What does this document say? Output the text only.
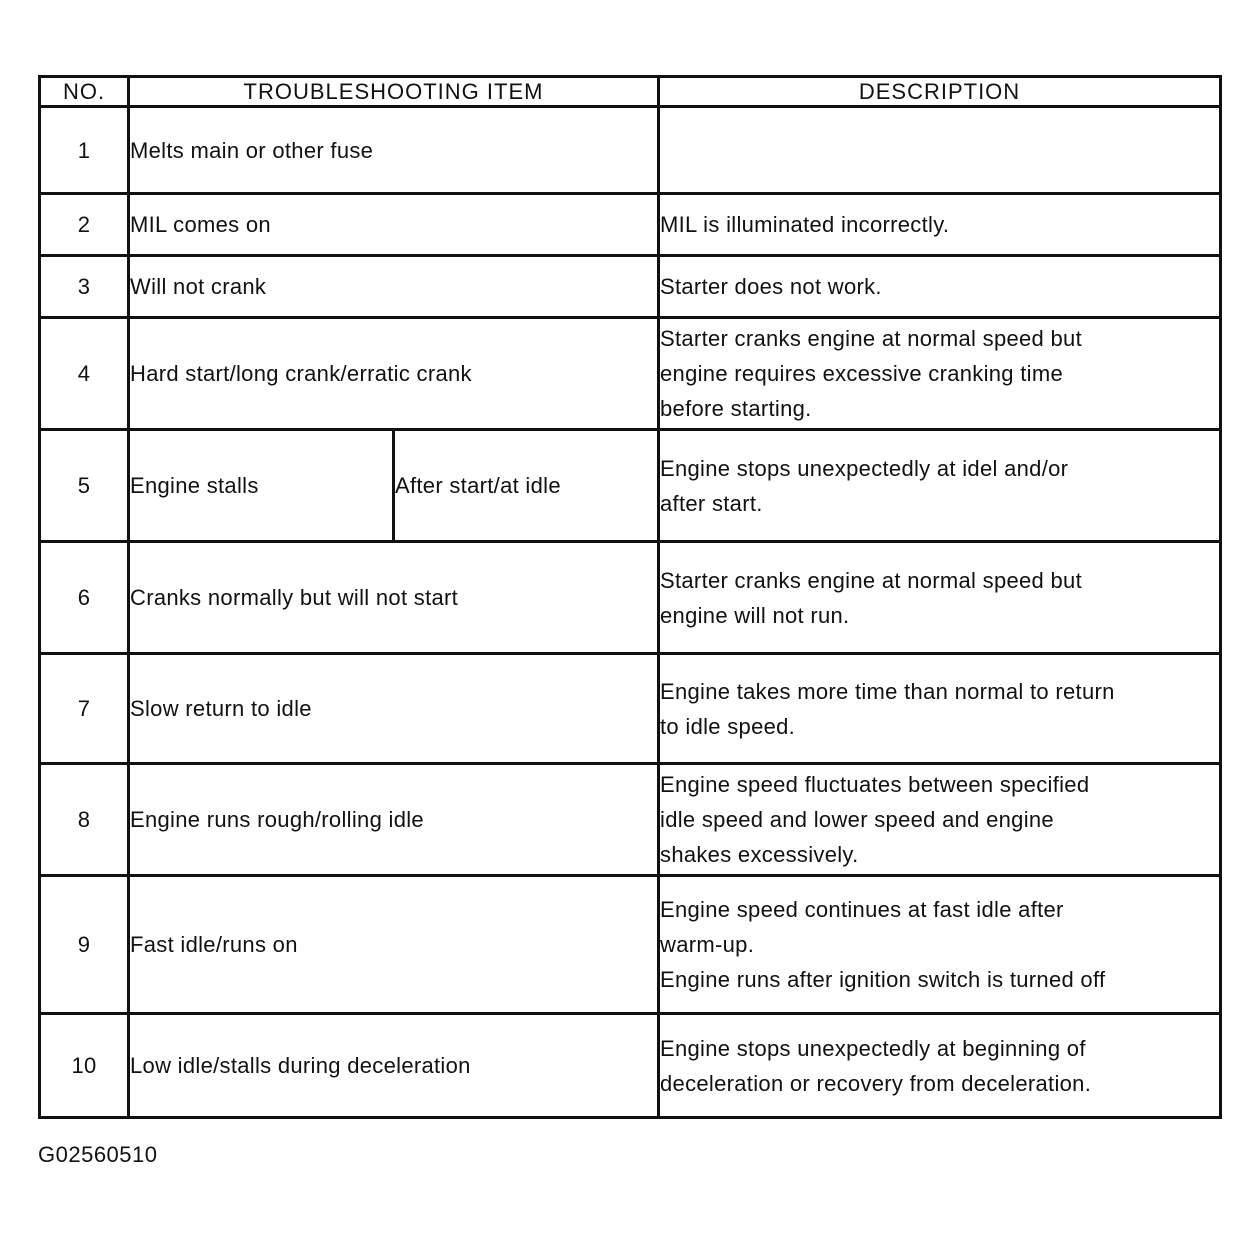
NO.	TROUBLESHOOTING ITEM		DESCRIPTION
1	Melts main or other fuse		
2	MIL comes on		MIL is illuminated incorrectly.

3	Will not crank		Starter does not work.

4	Hard start/long crank/erratic crank		Starter cranks engine at normal speed but
engine requires excessive cranking time
before starting.

5	Engine stalls	After start/at idle	Engine stops unexpectedly at idel and/or
after start.

6	Cranks normally but will not start		Starter cranks engine at normal speed but
engine will not run.

7	Slow return to idle		Engine takes more time than normal to return
to idle speed.

8	Engine runs rough/rolling idle		Engine speed fluctuates between specified
idle speed and lower speed and engine
shakes excessively.

9	Fast idle/runs on		Engine speed continues at fast idle after
warm-up.
Engine runs after ignition switch is turned off

10	Low idle/stalls during deceleration		Engine stops unexpectedly at beginning of
deceleration or recovery from deceleration.
G02560510
